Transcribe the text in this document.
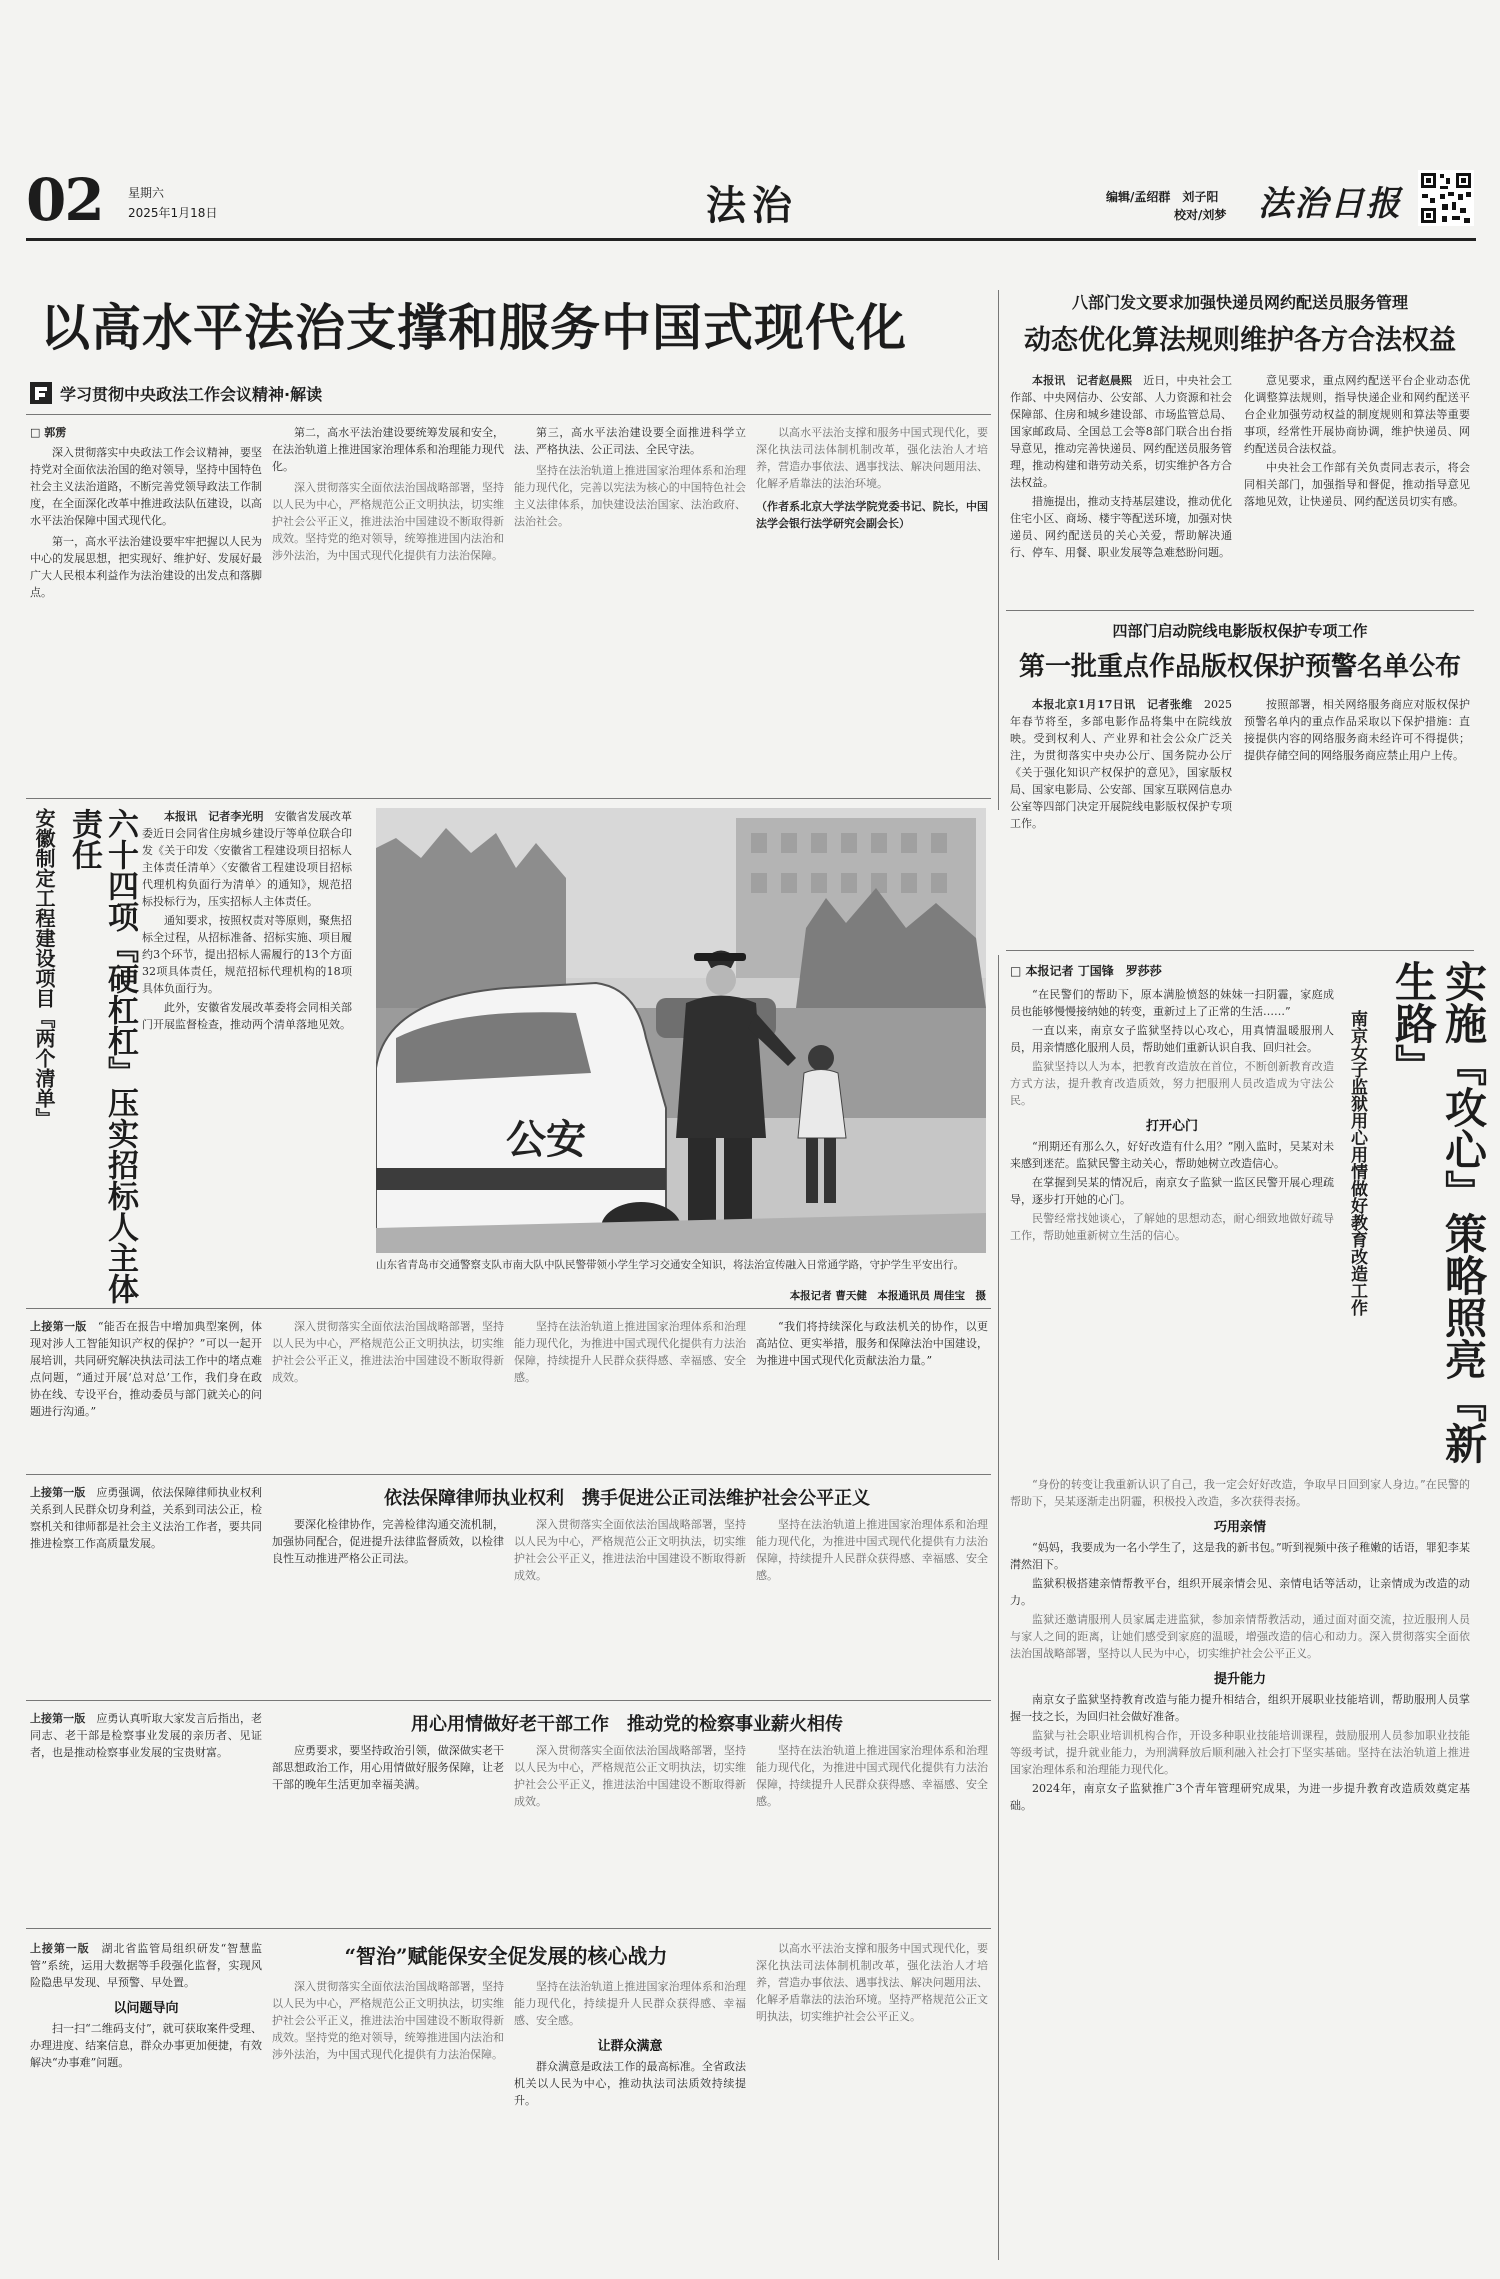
02 星期六
2025年1月18日	法治	编辑/孟绍群　刘子阳
校对/刘梦 法治日报
以高水平法治支撑和服务中国式现代化
学习贯彻中央政法工作会议精神·解读
□ 郭雳

深入贯彻落实中央政法工作会议精神，要坚持党对全面依法治国的绝对领导，坚持中国特色社会主义法治道路，不断完善党领导政法工作制度，在全面深化改革中推进政法队伍建设，以高水平法治保障中国式现代化。

第一，高水平法治建设要牢牢把握以人民为中心的发展思想，把实现好、维护好、发展好最广大人民根本利益作为法治建设的出发点和落脚点。

第二，高水平法治建设要统筹发展和安全，在法治轨道上推进国家治理体系和治理能力现代化。

深入贯彻落实全面依法治国战略部署，坚持以人民为中心，严格规范公正文明执法，切实维护社会公平正义，推进法治中国建设不断取得新成效。坚持党的绝对领导，统筹推进国内法治和涉外法治，为中国式现代化提供有力法治保障。

第三，高水平法治建设要全面推进科学立法、严格执法、公正司法、全民守法。

坚持在法治轨道上推进国家治理体系和治理能力现代化，完善以宪法为核心的中国特色社会主义法律体系，加快建设法治国家、法治政府、法治社会。

以高水平法治支撑和服务中国式现代化，要深化执法司法体制机制改革，强化法治人才培养，营造办事依法、遇事找法、解决问题用法、化解矛盾靠法的法治环境。

（作者系北京大学法学院党委书记、院长，中国法学会银行法学研究会副会长）

八部门发文要求加强快递员网约配送员服务管理
动态优化算法规则维护各方合法权益

本报讯　记者赵晨熙　 近日，中央社会工作部、中央网信办、公安部、人力资源和社会保障部、住房和城乡建设部、市场监管总局、国家邮政局、全国总工会等8部门联合出台指导意见，推动完善快递员、网约配送员服务管理，推动构建和谐劳动关系，切实维护各方合法权益。

措施提出，推动支持基层建设，推动优化住宅小区、商场、楼宇等配送环境，加强对快递员、网约配送员的关心关爱，帮助解决通行、停车、用餐、职业发展等急难愁盼问题。

意见要求，重点网约配送平台企业动态优化调整算法规则，指导快递企业和网约配送平台企业加强劳动权益的制度规则和算法等重要事项，经常性开展协商协调，维护快递员、网约配送员合法权益。

中央社会工作部有关负责同志表示，将会同相关部门，加强指导和督促，推动指导意见落地见效，让快递员、网约配送员切实有感。

四部门启动院线电影版权保护专项工作
第一批重点作品版权保护预警名单公布

本报北京1月17日讯　记者张维　 2025年春节将至，多部电影作品将集中在院线放映。受到权利人、产业界和社会公众广泛关注，为贯彻落实中央办公厅、国务院办公厅《关于强化知识产权保护的意见》，国家版权局、国家电影局、公安部、国家互联网信息办公室等四部门决定开展院线电影版权保护专项工作。

按照部署，相关网络服务商应对版权保护预警名单内的重点作品采取以下保护措施：直接提供内容的网络服务商未经许可不得提供；提供存储空间的网络服务商应禁止用户上传。

安徽制定工程建设项目『两个清单』	六十四项『硬杠杠』压实招标人主体责任	本报讯　记者李光明　 安徽省发展改革委近日会同省住房城乡建设厅等单位联合印发《关于印发〈安徽省工程建设项目招标人主体责任清单〉〈安徽省工程建设项目招标代理机构负面行为清单〉的通知》，规范招标投标行为，压实招标人主体责任。

通知要求，按照权责对等原则，聚焦招标全过程，从招标准备、招标实施、项目履约3个环节，提出招标人需履行的13个方面32项具体责任，规范招标代理机构的18项具体负面行为。

此外，安徽省发展改革委将会同相关部门开展监督检查，推动两个清单落地见效。

公安
山东省青岛市交通警察支队市南大队中队民警带领小学生学习交通安全知识，将法治宣传融入日常通学路，守护学生平安出行。
本报记者 曹天健　本报通讯员 周佳宝　摄

上接第一版　 “能否在报告中增加典型案例，体现对涉人工智能知识产权的保护？”可以一起开展培训，共同研究解决执法司法工作中的堵点难点问题，“通过开展‘总对总’工作，我们身在政协在线、专设平台，推动委员与部门就关心的问题进行沟通。”

深入贯彻落实全面依法治国战略部署，坚持以人民为中心，严格规范公正文明执法，切实维护社会公平正义，推进法治中国建设不断取得新成效。

坚持在法治轨道上推进国家治理体系和治理能力现代化，为推进中国式现代化提供有力法治保障，持续提升人民群众获得感、幸福感、安全感。

“我们将持续深化与政法机关的协作，以更高站位、更实举措，服务和保障法治中国建设，为推进中国式现代化贡献法治力量。”

依法保障律师执业权利　携手促进公正司法维护社会公平正义

上接第一版　 应勇强调，依法保障律师执业权利关系到人民群众切身利益，关系到司法公正，检察机关和律师都是社会主义法治工作者，要共同推进检察工作高质量发展。

要深化检律协作，完善检律沟通交流机制，加强协同配合，促进提升法律监督质效，以检律良性互动推进严格公正司法。

深入贯彻落实全面依法治国战略部署，坚持以人民为中心，严格规范公正文明执法，切实维护社会公平正义，推进法治中国建设不断取得新成效。

坚持在法治轨道上推进国家治理体系和治理能力现代化，为推进中国式现代化提供有力法治保障，持续提升人民群众获得感、幸福感、安全感。

用心用情做好老干部工作　推动党的检察事业薪火相传

上接第一版　 应勇认真听取大家发言后指出，老同志、老干部是检察事业发展的亲历者、见证者，也是推动检察事业发展的宝贵财富。	应勇要求，要坚持政治引领，做深做实老干部思想政治工作，用心用情做好服务保障，让老干部的晚年生活更加幸福美满。

深入贯彻落实全面依法治国战略部署，坚持以人民为中心，严格规范公正文明执法，切实维护社会公平正义，推进法治中国建设不断取得新成效。

坚持在法治轨道上推进国家治理体系和治理能力现代化，为推进中国式现代化提供有力法治保障，持续提升人民群众获得感、幸福感、安全感。

“智治”赋能保安全促发展的核心战力

上接第一版　 湖北省监管局组织研发“智慧监管”系统，运用大数据等手段强化监督，实现风险隐患早发现、早预警、早处置。

以问题导向

扫一扫“二维码支付”，就可获取案件受理、办理进度、结案信息，群众办事更加便捷，有效解决“办事难”问题。

深入贯彻落实全面依法治国战略部署，坚持以人民为中心，严格规范公正文明执法，切实维护社会公平正义，推进法治中国建设不断取得新成效。坚持党的绝对领导，统筹推进国内法治和涉外法治，为中国式现代化提供有力法治保障。

坚持在法治轨道上推进国家治理体系和治理能力现代化，持续提升人民群众获得感、幸福感、安全感。

让群众满意

群众满意是政法工作的最高标准。全省政法机关以人民为中心，推动执法司法质效持续提升。

以高水平法治支撑和服务中国式现代化，要深化执法司法体制机制改革，强化法治人才培养，营造办事依法、遇事找法、解决问题用法、化解矛盾靠法的法治环境。坚持严格规范公正文明执法，切实维护社会公平正义。

□ 本报记者 丁国锋　罗莎莎	实施『攻心』策略照亮『新生路』
南京女子监狱用心用情做好教育改造工作

“在民警们的帮助下，原本满脸愤怒的妹妹一扫阴霾，家庭成员也能够慢慢接纳她的转变，重新过上了正常的生活……”

一直以来，南京女子监狱坚持以心攻心，用真情温暖服刑人员，用亲情感化服刑人员，帮助她们重新认识自我、回归社会。

监狱坚持以人为本，把教育改造放在首位，不断创新教育改造方式方法，提升教育改造质效，努力把服刑人员改造成为守法公民。

打开心门

“刑期还有那么久，好好改造有什么用？”刚入监时，吴某对未来感到迷茫。监狱民警主动关心，帮助她树立改造信心。

在掌握到吴某的情况后，南京女子监狱一监区民警开展心理疏导，逐步打开她的心门。

民警经常找她谈心，了解她的思想动态，耐心细致地做好疏导工作，帮助她重新树立生活的信心。

“身份的转变让我重新认识了自己，我一定会好好改造，争取早日回到家人身边。”在民警的帮助下，吴某逐渐走出阴霾，积极投入改造，多次获得表扬。

巧用亲情

“妈妈，我要成为一名小学生了，这是我的新书包。”听到视频中孩子稚嫩的话语，罪犯李某潸然泪下。

监狱积极搭建亲情帮教平台，组织开展亲情会见、亲情电话等活动，让亲情成为改造的动力。

监狱还邀请服刑人员家属走进监狱，参加亲情帮教活动，通过面对面交流，拉近服刑人员与家人之间的距离，让她们感受到家庭的温暖，增强改造的信心和动力。深入贯彻落实全面依法治国战略部署，坚持以人民为中心，切实维护社会公平正义。

提升能力

南京女子监狱坚持教育改造与能力提升相结合，组织开展职业技能培训，帮助服刑人员掌握一技之长，为回归社会做好准备。

监狱与社会职业培训机构合作，开设多种职业技能培训课程，鼓励服刑人员参加职业技能等级考试，提升就业能力，为刑满释放后顺利融入社会打下坚实基础。坚持在法治轨道上推进国家治理体系和治理能力现代化。

2024年，南京女子监狱推广3个青年管理研究成果，为进一步提升教育改造质效奠定基础。
